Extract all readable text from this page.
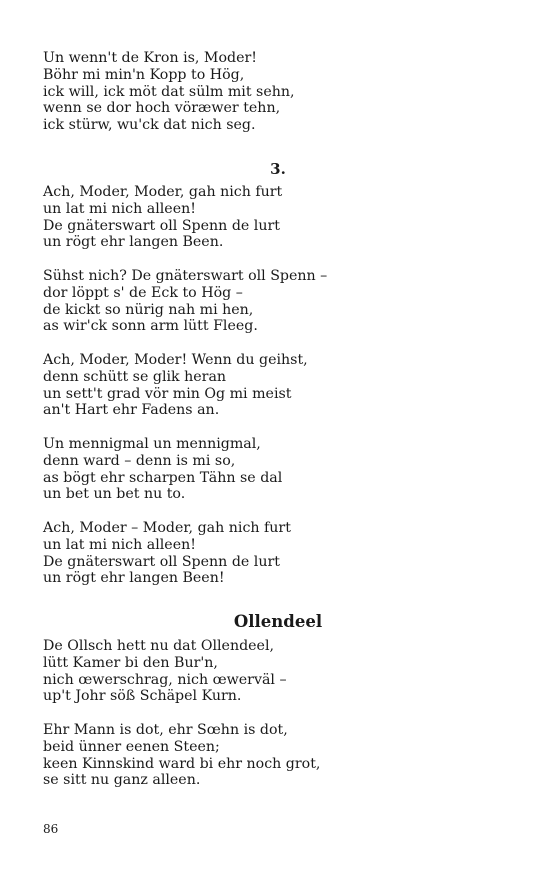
Un wenn't de Kron is, Moder!
Böhr mi min'n Kopp to Hög,
ick will, ick möt dat sülm mit sehn,
wenn se dor hoch vöræwer tehn,
ick stürw, wu'ck dat nich seg.
3.
Ach, Moder, Moder, gah nich furt
un lat mi nich alleen!
De gnäterswart oll Spenn de lurt
un rögt ehr langen Been.
Sühst nich? De gnäterswart oll Spenn –
dor löppt s' de Eck to Hög –
de kickt so nürig nah mi hen,
as wir'ck sonn arm lütt Fleeg.
Ach, Moder, Moder! Wenn du geihst,
denn schütt se glik heran
un sett't grad vör min Og mi meist
an't Hart ehr Fadens an.
Un mennigmal un mennigmal,
denn ward – denn is mi so,
as bögt ehr scharpen Tähn se dal
un bet un bet nu to.
Ach, Moder – Moder, gah nich furt
un lat mi nich alleen!
De gnäterswart oll Spenn de lurt
un rögt ehr langen Been!
Ollendeel
De Ollsch hett nu dat Ollendeel,
lütt Kamer bi den Bur'n,
nich œwerschrag, nich œwerväl –
up't Johr söß Schäpel Kurn.
Ehr Mann is dot, ehr Sœhn is dot,
beid ünner eenen Steen;
keen Kinnskind ward bi ehr noch grot,
se sitt nu ganz alleen.
86
